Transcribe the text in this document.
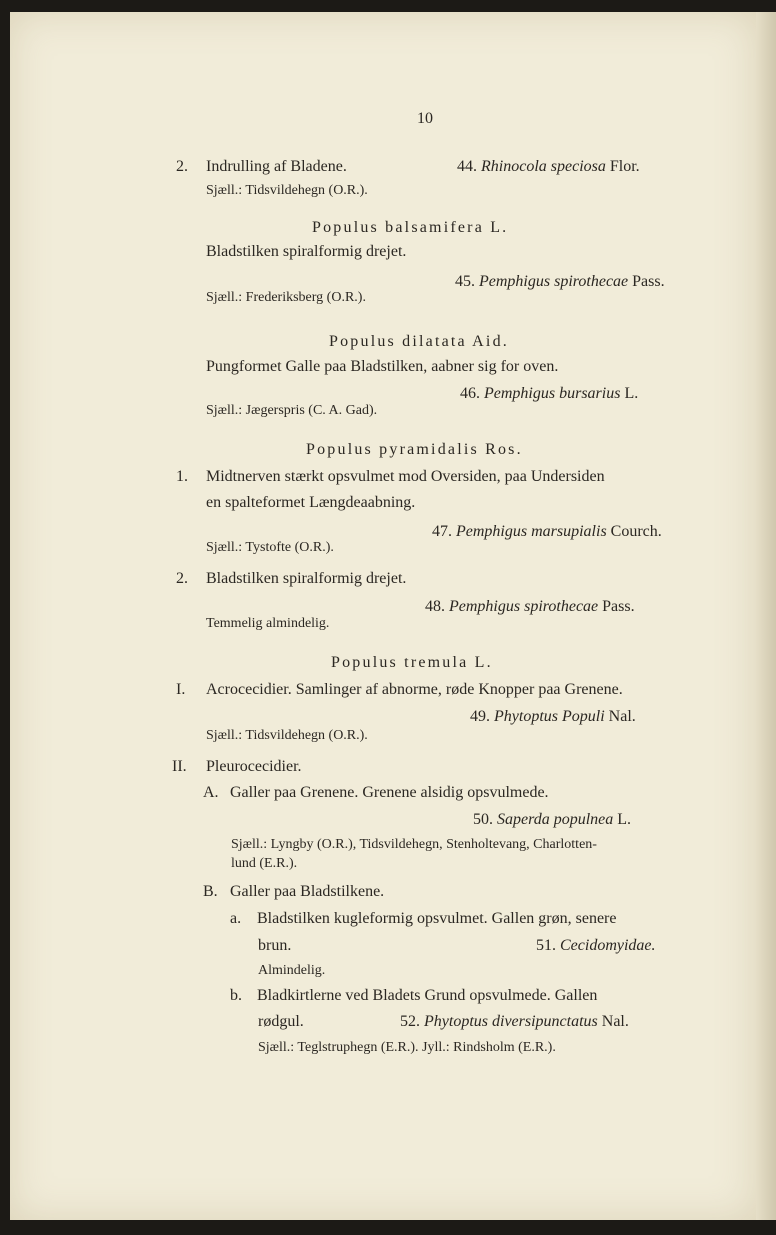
10
2. Indrulling af Bladene.	44. Rhinocola speciosa Flor.
Sjæll.: Tidsvildehegn (O.R.).
Populus balsamifera L.
Bladstilken spiralformig drejet.
45. Pemphigus spirothecae Pass.
Sjæll.: Frederiksberg (O.R.).
Populus dilatata Aid.
Pungformet Galle paa Bladstilken, aabner sig for oven.
46. Pemphigus bursarius L.
Sjæll.: Jægerspris (C. A. Gad).
Populus pyramidalis Ros.
1. Midtnerven stærkt opsvulmet mod Oversiden, paa Undersiden
en spalteformet Længdeaabning.
47. Pemphigus marsupialis Courch.
Sjæll.: Tystofte (O.R.).
2. Bladstilken spiralformig drejet.
48. Pemphigus spirothecae Pass.
Temmelig almindelig.
Populus tremula L.
I. Acrocecidier. Samlinger af abnorme, røde Knopper paa Grenene.
49. Phytoptus Populi Nal.
Sjæll.: Tidsvildehegn (O.R.).
II. Pleurocecidier.
A. Galler paa Grenene. Grenene alsidig opsvulmede.
50. Saperda populnea L.
Sjæll.: Lyngby (O.R.), Tidsvildehegn, Stenholtevang, Charlotten-
lund (E.R.).
B. Galler paa Bladstilkene.
a. Bladstilken kugleformig opsvulmet. Gallen grøn, senere
brun.	51. Cecidomyidae.
Almindelig.
b. Bladkirtlerne ved Bladets Grund opsvulmede. Gallen
rødgul.	52. Phytoptus diversipunctatus Nal.
Sjæll.: Teglstruphegn (E.R.). Jyll.: Rindsholm (E.R.).
